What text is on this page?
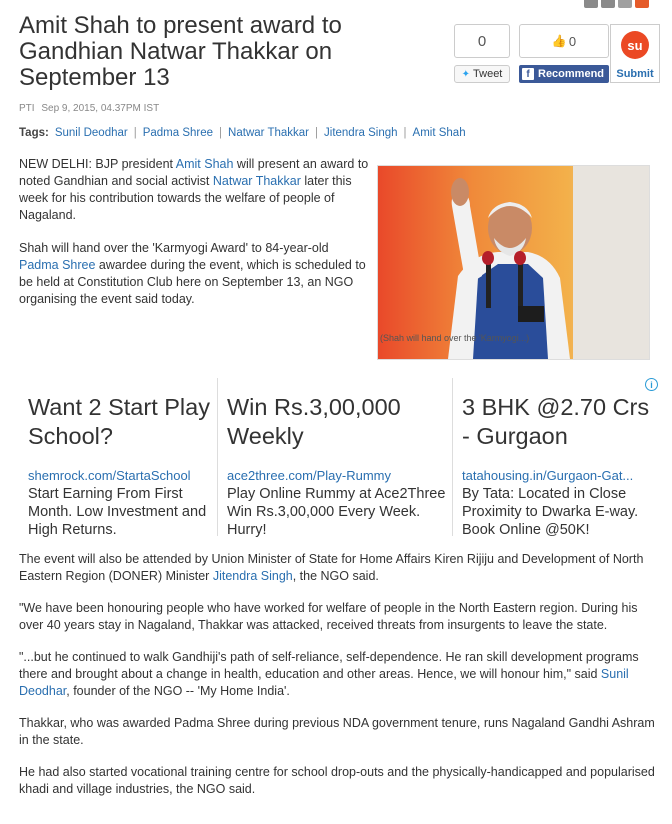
Amit Shah to present award to Gandhian Natwar Thakkar on September 13
PTI Sep 9, 2015, 04.37PM IST
Tags: Sunil Deodhar | Padma Shree | Natwar Thakkar | Jitendra Singh | Amit Shah
0	👍 0
✦ Tweet	f Recommend
su
Submit

NEW DELHI: BJP president Amit Shah will present an award to noted Gandhian and social activist Natwar Thakkar later this week for his contribution towards the welfare of people of Nagaland.

Shah will hand over the 'Karmyogi Award' to 84-year-old Padma Shree awardee during the event, which is scheduled to be held at Constitution Club here on September 13, an NGO organising the event said today.

(Shah will hand over the 'Karmyogi...)
i
Want 2 Start Play School?
shemrock.com/StartaSchool
Start Earning From First Month. Low Investment and High Returns.
Win Rs.3,00,000 Weekly
ace2three.com/Play-Rummy
Play Online Rummy at Ace2Three Win Rs.3,00,000 Every Week. Hurry!
3 BHK @2.70 Crs - Gurgaon
tatahousing.in/Gurgaon-Gat...
By Tata: Located in Close Proximity to Dwarka E-way. Book Online @50K!

The event will also be attended by Union Minister of State for Home Affairs Kiren Rijiju and Development of North Eastern Region (DONER) Minister Jitendra Singh, the NGO said.

"We have been honouring people who have worked for welfare of people in the North Eastern region. During his over 40 years stay in Nagaland, Thakkar was attacked, received threats from insurgents to leave the state.

"...but he continued to walk Gandhiji's path of self-reliance, self-dependence. He ran skill development programs there and brought about a change in health, education and other areas. Hence, we will honour him," said Sunil Deodhar, founder of the NGO -- 'My Home India'.

Thakkar, who was awarded Padma Shree during previous NDA government tenure, runs Nagaland Gandhi Ashram in the state.

He had also started vocational training centre for school drop-outs and the physically-handicapped and popularised khadi and village industries, the NGO said.
